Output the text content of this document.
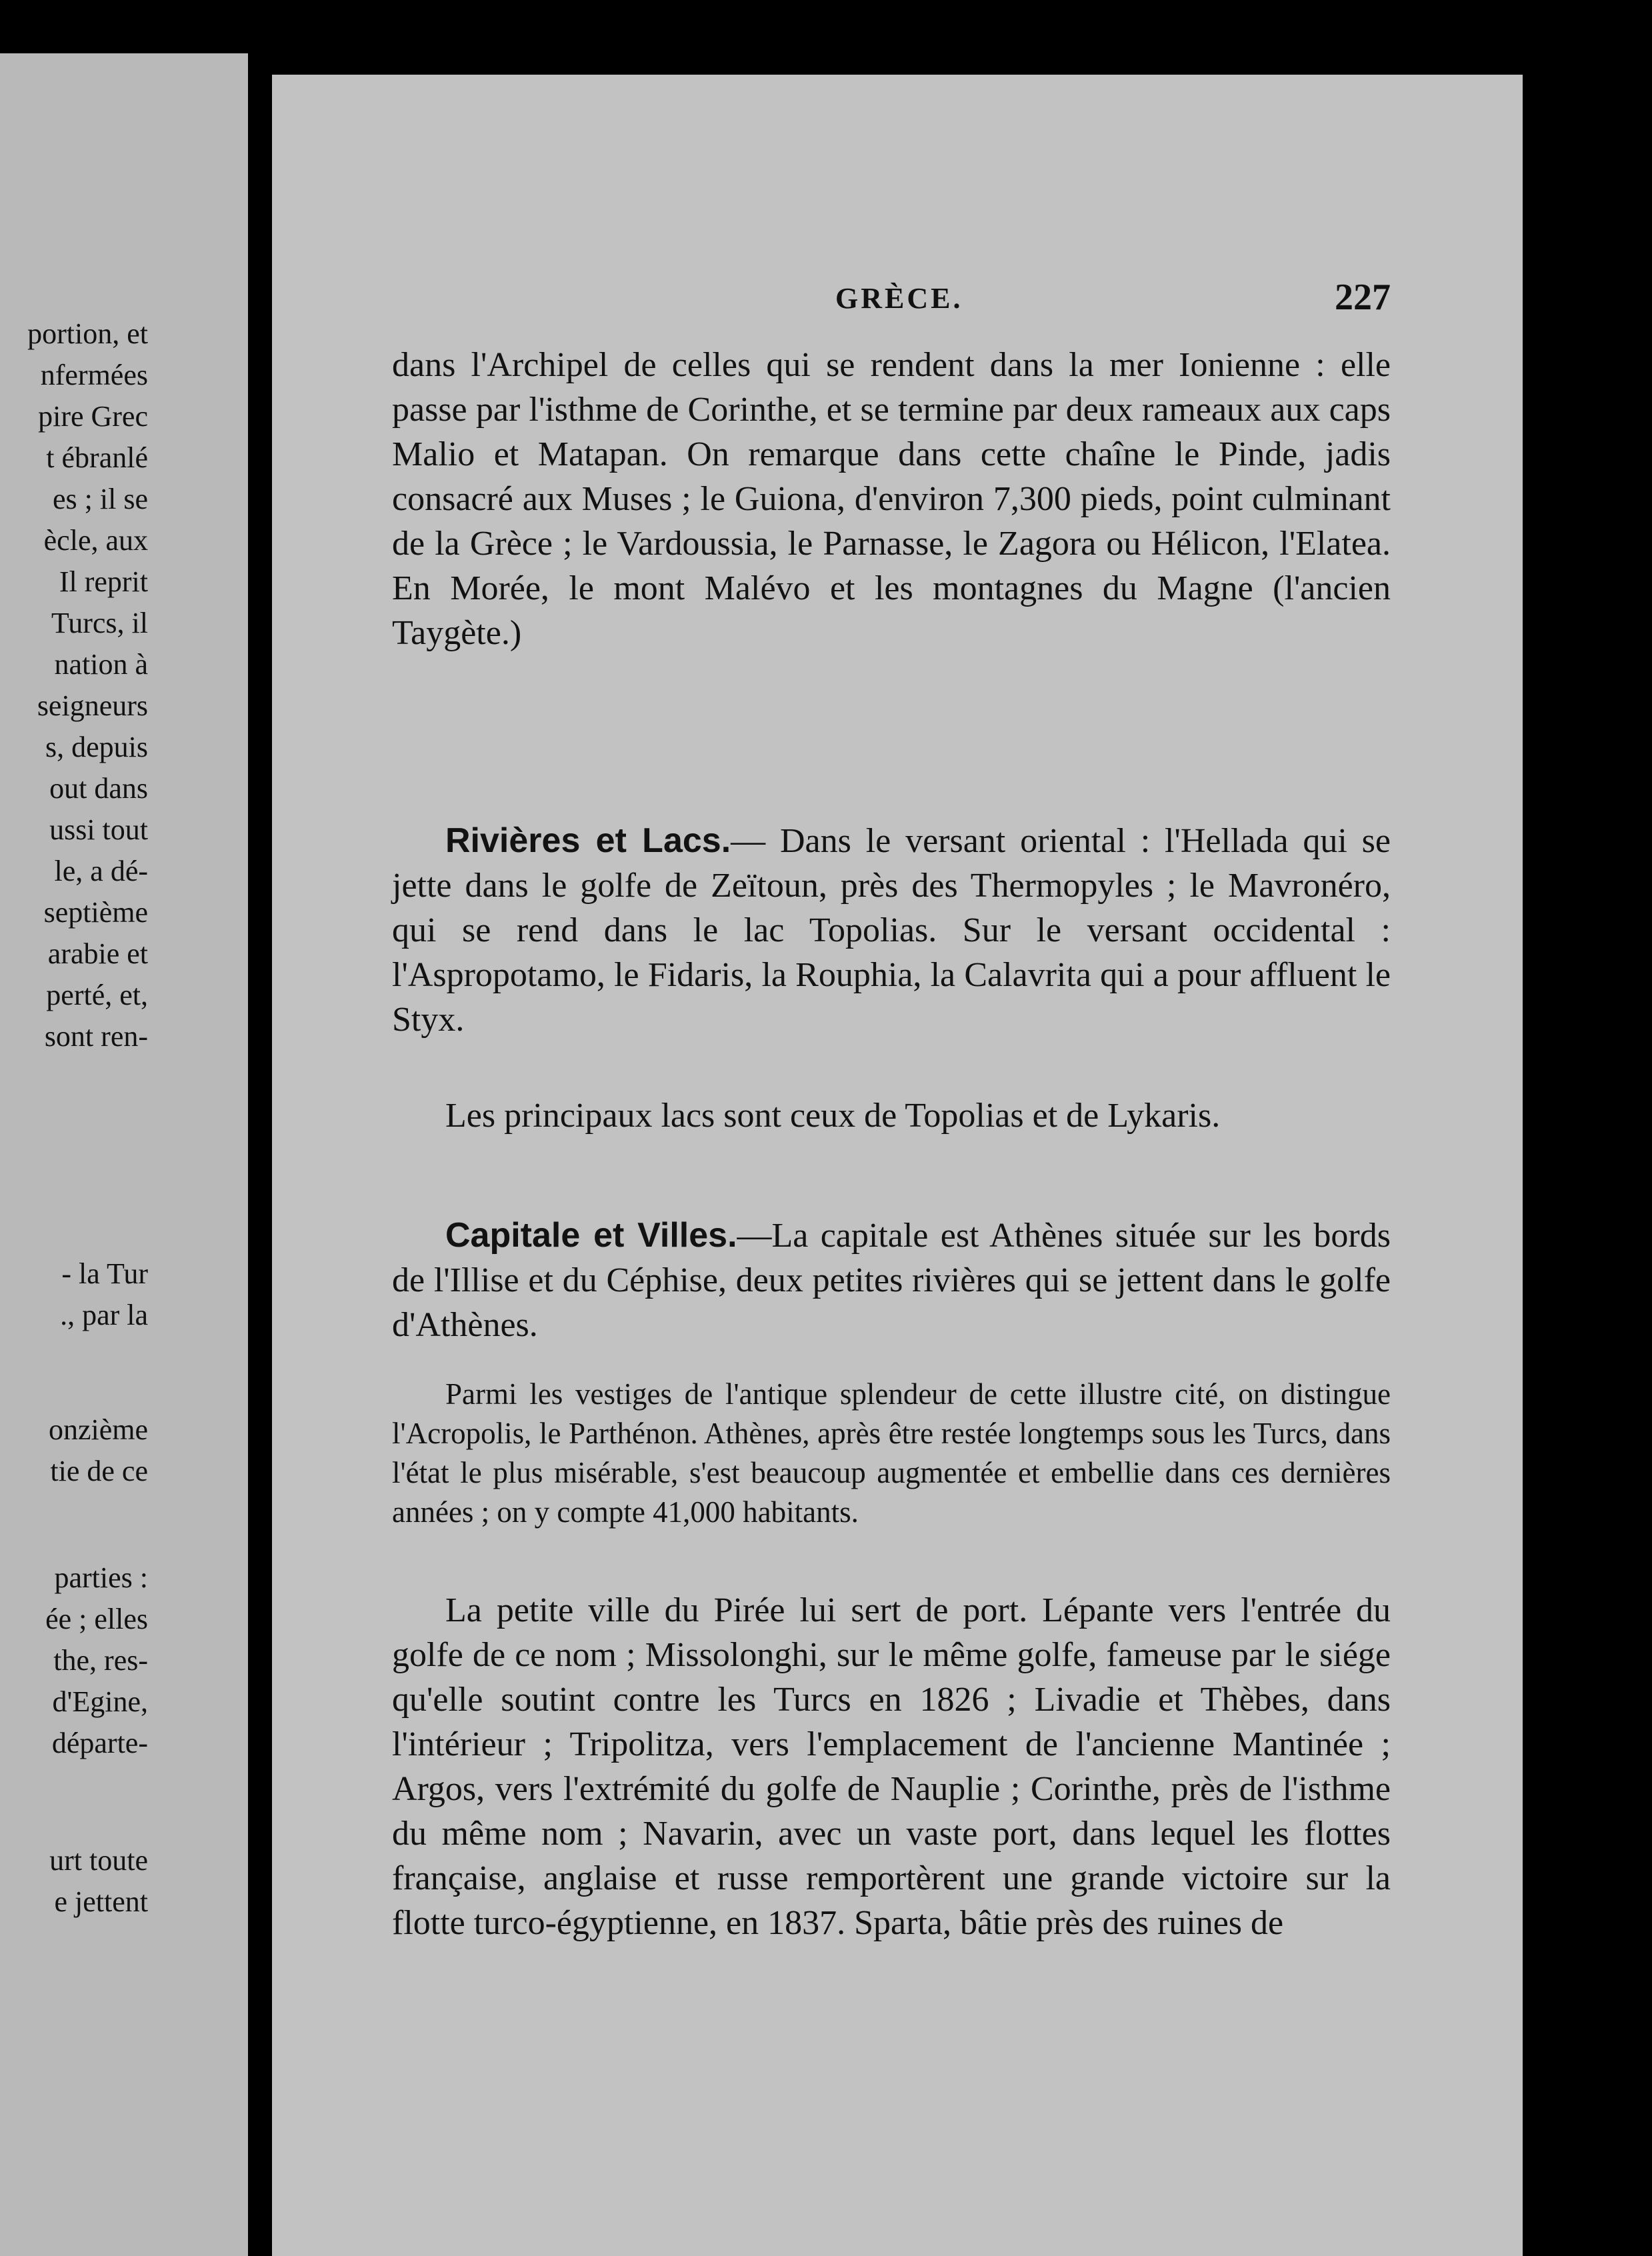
portion, et
nfermées
pire Grec
t ébranlé
es ; il se
ècle, aux
Il reprit
Turcs, il
nation à
seigneurs
s, depuis
out dans
ussi tout
le, a dé-
septième
arabie et
perté, et,
sont ren-
- la Tur
., par la
onzième
tie de ce
parties :
ée ; elles
the, res-
d'Egine,
départe-
urt toute
e jettent
GRÈCE.	227

dans l'Archipel de celles qui se rendent dans la mer Ionienne : elle passe par l'isthme de Corinthe, et se termine par deux rameaux aux caps Malio et Matapan. On remarque dans cette chaîne le Pinde, jadis consacré aux Muses ; le Guiona, d'environ 7,300 pieds, point culminant de la Grèce ; le Vardoussia, le Parnasse, le Zagora ou Hélicon, l'Elatea. En Morée, le mont Malévo et les montagnes du Magne (l'ancien Taygète.)

Rivières et Lacs.— Dans le versant oriental : l'Hellada qui se jette dans le golfe de Zeïtoun, près des Thermopyles ; le Mavronéro, qui se rend dans le lac Topolias. Sur le versant occidental : l'Aspropotamo, le Fidaris, la Rouphia, la Calavrita qui a pour affluent le Styx.

Les principaux lacs sont ceux de Topolias et de Lykaris.

Capitale et Villes.—La capitale est Athènes située sur les bords de l'Illise et du Céphise, deux petites rivières qui se jettent dans le golfe d'Athènes.

Parmi les vestiges de l'antique splendeur de cette illustre cité, on distingue l'Acropolis, le Parthénon. Athènes, après être restée longtemps sous les Turcs, dans l'état le plus misérable, s'est beaucoup augmentée et embellie dans ces dernières années ; on y compte 41,000 habitants.

La petite ville du Pirée lui sert de port. Lépante vers l'entrée du golfe de ce nom ; Missolonghi, sur le même golfe, fameuse par le siége qu'elle soutint contre les Turcs en 1826 ; Livadie et Thèbes, dans l'intérieur ; Tripolitza, vers l'emplacement de l'ancienne Mantinée ; Argos, vers l'extrémité du golfe de Nauplie ; Corinthe, près de l'isthme du même nom ; Navarin, avec un vaste port, dans lequel les flottes française, anglaise et russe remportèrent une grande victoire sur la flotte turco-égyptienne, en 1837. Sparta, bâtie près des ruines de
